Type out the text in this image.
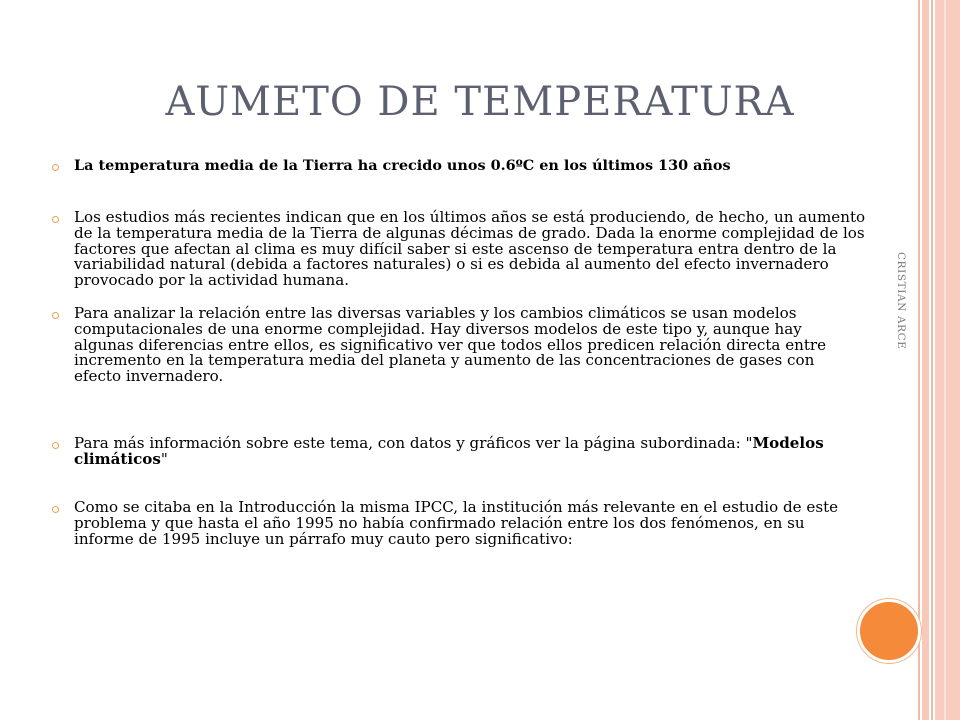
AUMETO DE TEMPERATURA
CRISTIAN ARCE
La temperatura media de la Tierra ha crecido unos 0.6ºC en los últimos 130 años
Los estudios más recientes indican que en los últimos años se está produciendo, de hecho, un aumento de la temperatura media de la Tierra de algunas décimas de grado. Dada la enorme complejidad de los factores que afectan al clima es muy difícil saber si este ascenso de temperatura entra dentro de la variabilidad natural (debida a factores naturales) o si es debida al aumento del efecto invernadero provocado por la actividad humana.
Para analizar la relación entre las diversas variables y los cambios climáticos se usan modelos computacionales de una enorme complejidad. Hay diversos modelos de este tipo y, aunque hay algunas diferencias entre ellos, es significativo ver que todos ellos predicen relación directa entre incremento en la temperatura media del planeta y aumento de las concentraciones de gases con efecto invernadero.
Para más información sobre este tema, con datos y gráficos ver la página subordinada: "Modelos climáticos"
Como se citaba en la Introducción la misma IPCC, la institución más relevante en el estudio de este problema y que hasta el año 1995 no había confirmado relación entre los dos fenómenos, en su informe de 1995 incluye un párrafo muy cauto pero significativo:
